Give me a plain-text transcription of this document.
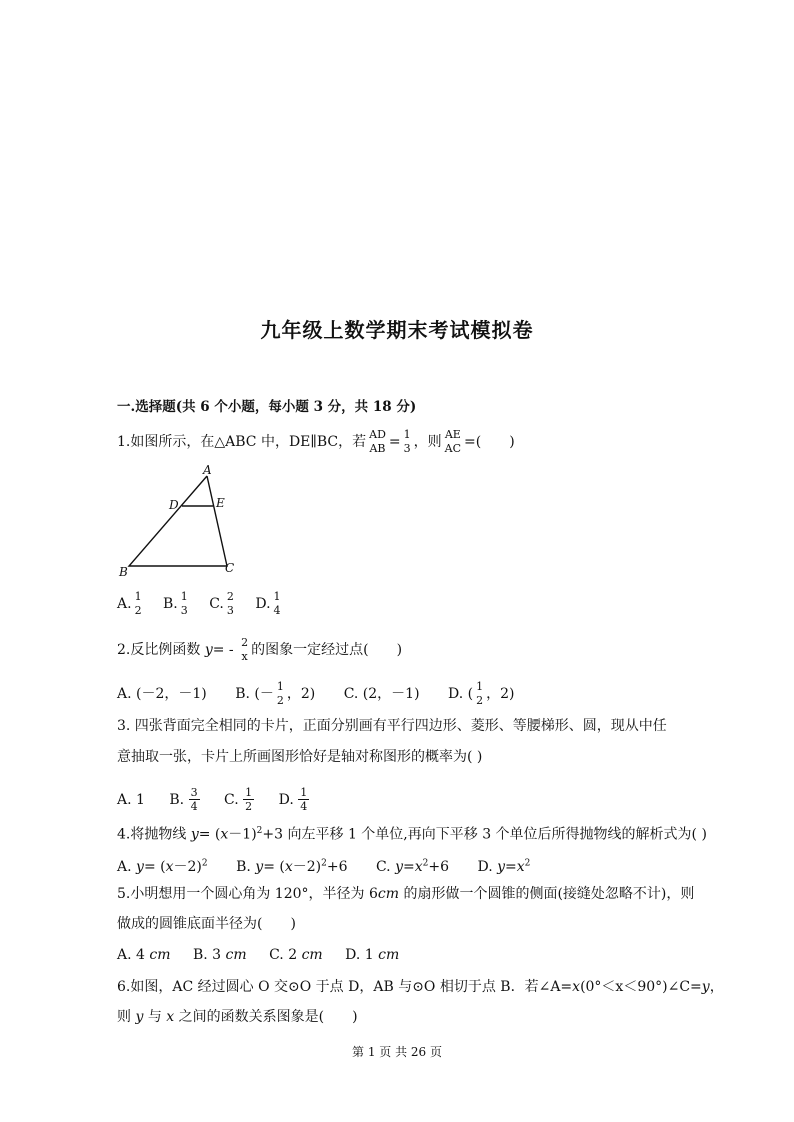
九年级上数学期末考试模拟卷
一.选择题(共 6 个小题，每小题 3 分，共 18 分)
1.如图所示，在△ABC 中，DE∥BC，若 AD
AB = 1
3 ，则 AE
AC =(　　)
A
D	E
B	C
A. 1
2
B. 1
3
C. 2
3
D. 1
4
2.反比例函数 y= - 2
x 的图象一定经过点(　　)
A. (－2，－1) B. (－ 1
2 ，2) C. (2，－1) D. ( 1
2 ，2)
3. 四张背面完全相同的卡片，正面分别画有平行四边形、菱形、等腰梯形、圆，现从中任
意抽取一张，卡片上所画图形恰好是轴对称图形的概率为( )
A. 1 B. $\frac{3}{4} C$. $\frac{1}{2} D$. $\frac{1}{4}$
4.将抛物线 $y= (x-1)^2+3$ 向左平移 1 个单位,再向下平移 3 个单位后所得抛物线的解析式为( )
A. $y= (x-2)^2$ B. $y= (x-2)^2+6$ C. $y=x^2+6$ D. $y=x^2$
5.小明想用一个圆心角为 120°，半径为 6cm 的扇形做一个圆锥的侧面(接缝处忽略不计)，则
做成的圆锥底面半径为(　　)
A. 4 cm B. 3 cm C. 2 cm D. 1 cm
6.如图，AC 经过圆心 O 交⊙O 于点 D，AB 与⊙O 相切于点 B．若∠A=x(0°＜x＜90°)∠C=y，
则 y 与 x 之间的函数关系图象是(　　)
第 1 页 共 26 页
